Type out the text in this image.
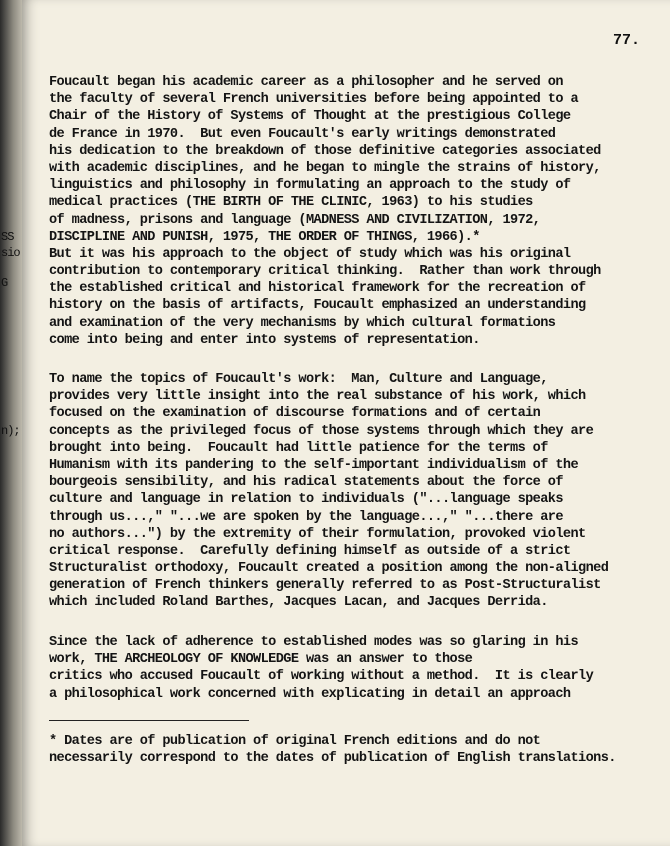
SS
sio
G
n);
77.
Foucault began his academic career as a philosopher and he served on
the faculty of several French universities before being appointed to a
Chair of the History of Systems of Thought at the prestigious College
de France in 1970.  But even Foucault's early writings demonstrated
his dedication to the breakdown of those definitive categories associated
with academic disciplines, and he began to mingle the strains of history,
linguistics and philosophy in formulating an approach to the study of
medical practices (THE BIRTH OF THE CLINIC, 1963) to his studies
of madness, prisons and language (MADNESS AND CIVILIZATION, 1972,
DISCIPLINE AND PUNISH, 1975, THE ORDER OF THINGS, 1966).*
But it was his approach to the object of study which was his original
contribution to contemporary critical thinking.  Rather than work through
the established critical and historical framework for the recreation of
history on the basis of artifacts, Foucault emphasized an understanding
and examination of the very mechanisms by which cultural formations
come into being and enter into systems of representation.
To name the topics of Foucault's work:  Man, Culture and Language,
provides very little insight into the real substance of his work, which
focused on the examination of discourse formations and of certain
concepts as the privileged focus of those systems through which they are
brought into being.  Foucault had little patience for the terms of
Humanism with its pandering to the self-important individualism of the
bourgeois sensibility, and his radical statements about the force of
culture and language in relation to individuals ("...language speaks
through us...," "...we are spoken by the language...," "...there are
no authors...") by the extremity of their formulation, provoked violent
critical response.  Carefully defining himself as outside of a strict
Structuralist orthodoxy, Foucault created a position among the non-aligned
generation of French thinkers generally referred to as Post-Structuralist
which included Roland Barthes, Jacques Lacan, and Jacques Derrida.
Since the lack of adherence to established modes was so glaring in his
work, THE ARCHEOLOGY OF KNOWLEDGE was an answer to those
critics who accused Foucault of working without a method.  It is clearly
a philosophical work concerned with explicating in detail an approach
* Dates are of publication of original French editions and do not
necessarily correspond to the dates of publication of English translations.
